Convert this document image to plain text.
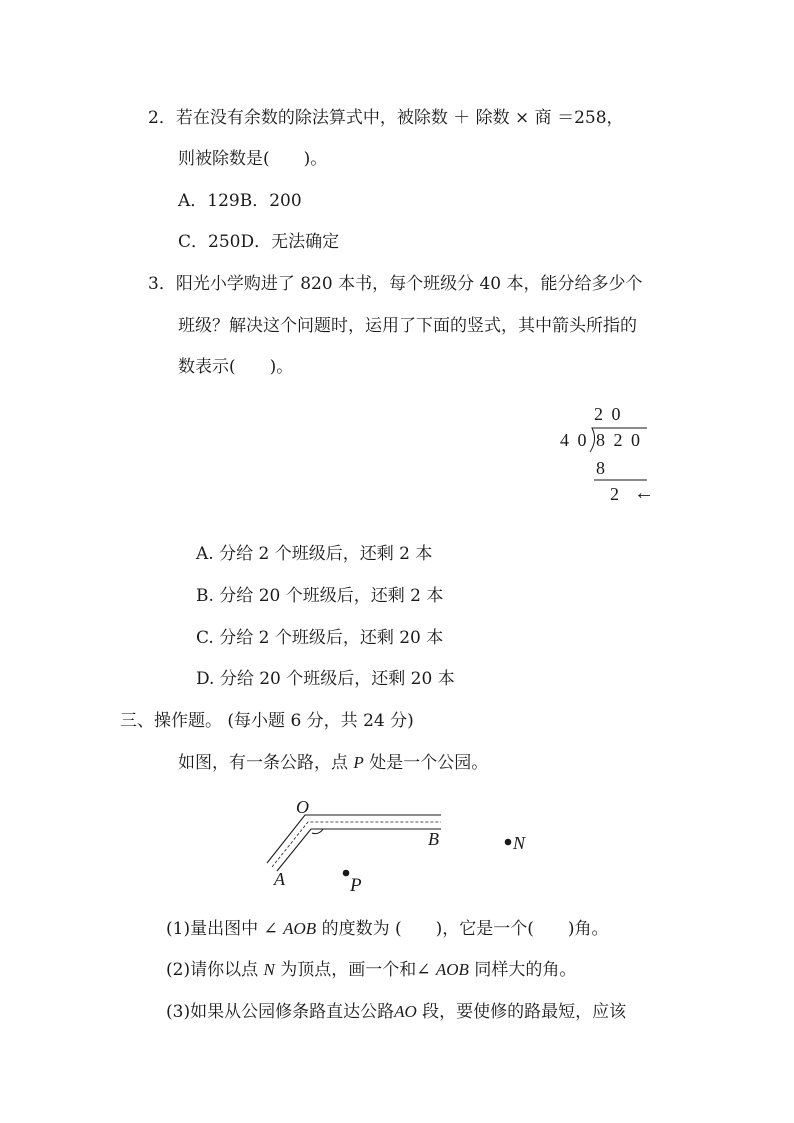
2．若在没有余数的除法算式中，被除数 ＋ 除数 × 商 ＝258，
则被除数是(　　)。
A．129B．200
C．250D．无法确定
3．阳光小学购进了 820 本书，每个班级分 40 本，能分给多少个
班级？解决这个问题时，运用了下面的竖式，其中箭头所指的
数表示(　　)。
2 0
4 0 8 2 0
8
2 ←
A. 分给 2 个班级后，还剩 2 本
B. 分给 20 个班级后，还剩 2 本
C. 分给 2 个班级后，还剩 20 本
D. 分给 20 个班级后，还剩 20 本
三、操作题。 (每小题 6 分，共 24 分)
如图，有一条公路，点 P 处是一个公园。
O
A
B
P
N
(1)量出图中 ∠ AOB 的度数为 (　　)，它是一个(　　)角。
(2)请你以点 N 为顶点，画一个和∠ AOB 同样大的角。
(3)如果从公园修条路直达公路AO 段，要使修的路最短，应该
